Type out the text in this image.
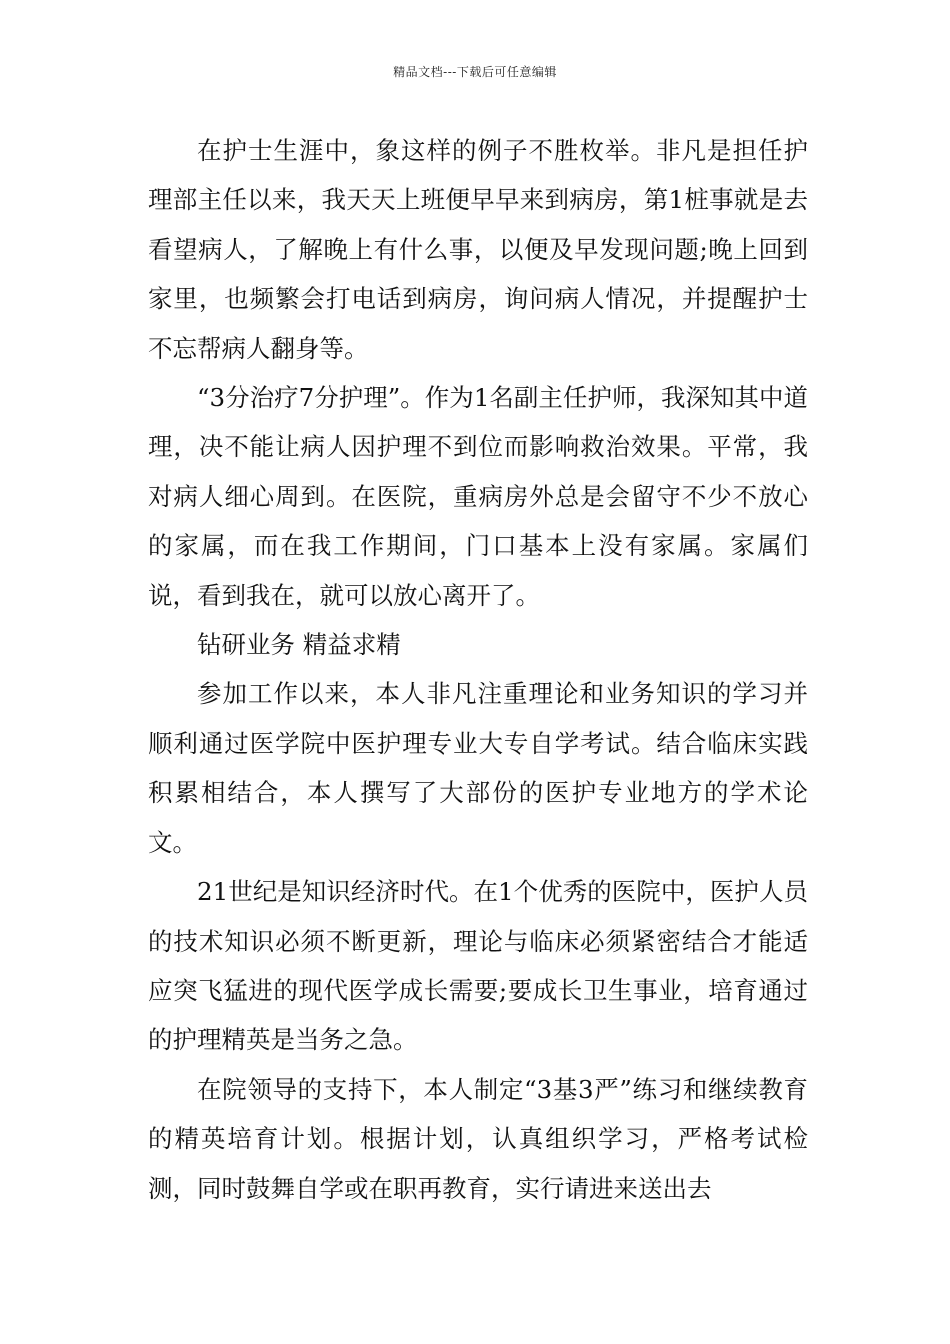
精品文档---下载后可任意编辑

在护士生涯中，象这样的例子不胜枚举。非凡是担任护理部主任以来，我天天上班便早早来到病房，第1桩事就是去看望病人，了解晚上有什么事，以便及早发现问题;晚上回到家里，也频繁会打电话到病房，询问病人情况，并提醒护士不忘帮病人翻身等。

“3分治疗7分护理”。作为1名副主任护师，我深知其中道理，决不能让病人因护理不到位而影响救治效果。平常，我对病人细心周到。在医院，重病房外总是会留守不少不放心的家属，而在我工作期间，门口基本上没有家属。家属们说，看到我在，就可以放心离开了。

钻研业务 精益求精

参加工作以来，本人非凡注重理论和业务知识的学习并顺利通过医学院中医护理专业大专自学考试。结合临床实践积累相结合，本人撰写了大部份的医护专业地方的学术论文。

21世纪是知识经济时代。在1个优秀的医院中，医护人员的技术知识必须不断更新，理论与临床必须紧密结合才能适应突飞猛进的现代医学成长需要;要成长卫生事业，培育通过的护理精英是当务之急。

在院领导的支持下，本人制定“3基3严”练习和继续教育的精英培育计划。根据计划，认真组织学习，严格考试检测，同时鼓舞自学或在职再教育，实行请进来送出去
